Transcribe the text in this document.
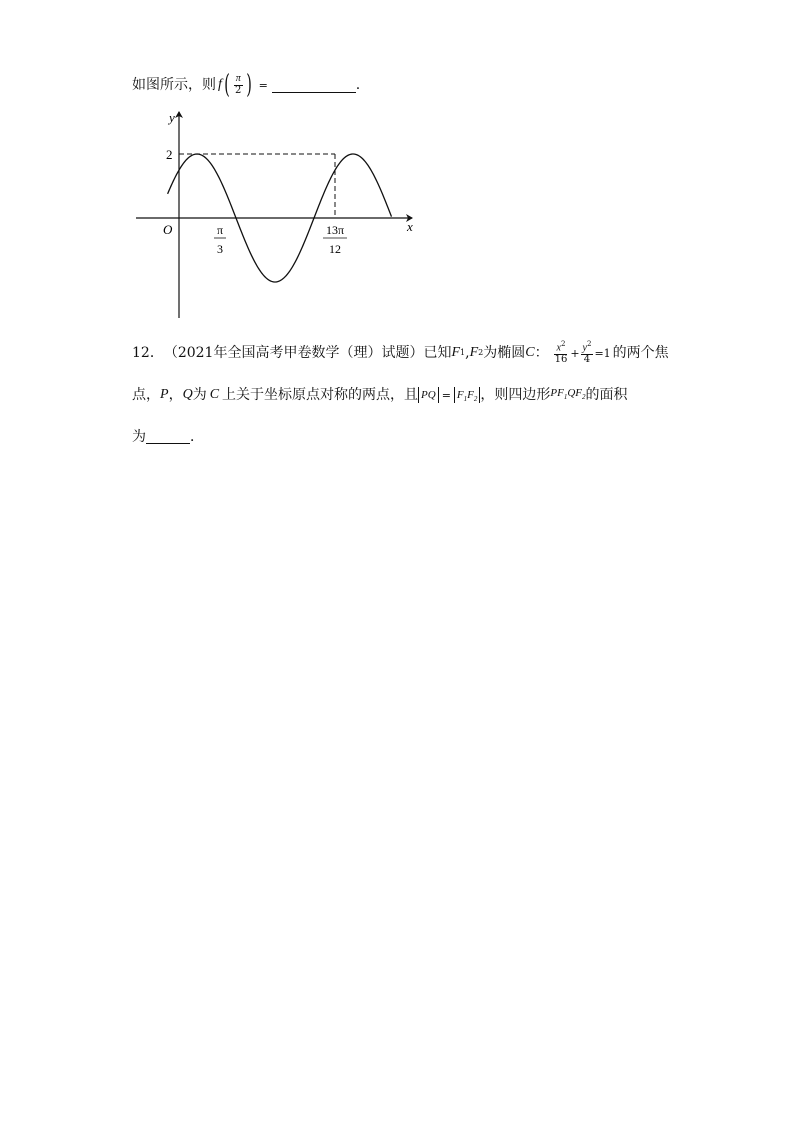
如图所示，则 f ( $\frac{\pi}{2}$ ) =	.
y
x
O
2
π
3
13π
12
12． （2021年全国高考甲卷数学（理）试题）已知 F 1 , F 2 为椭圆 C ： $\frac{x^2}{16} + \frac{y^2}{4} =1$ 的两个焦
点， P ， Q 为 C 上关于坐标原点对称的两点，且 PQ = $F_1F_2$ ，则四边形 $PF_1QF_2$ 的面积
为	．
